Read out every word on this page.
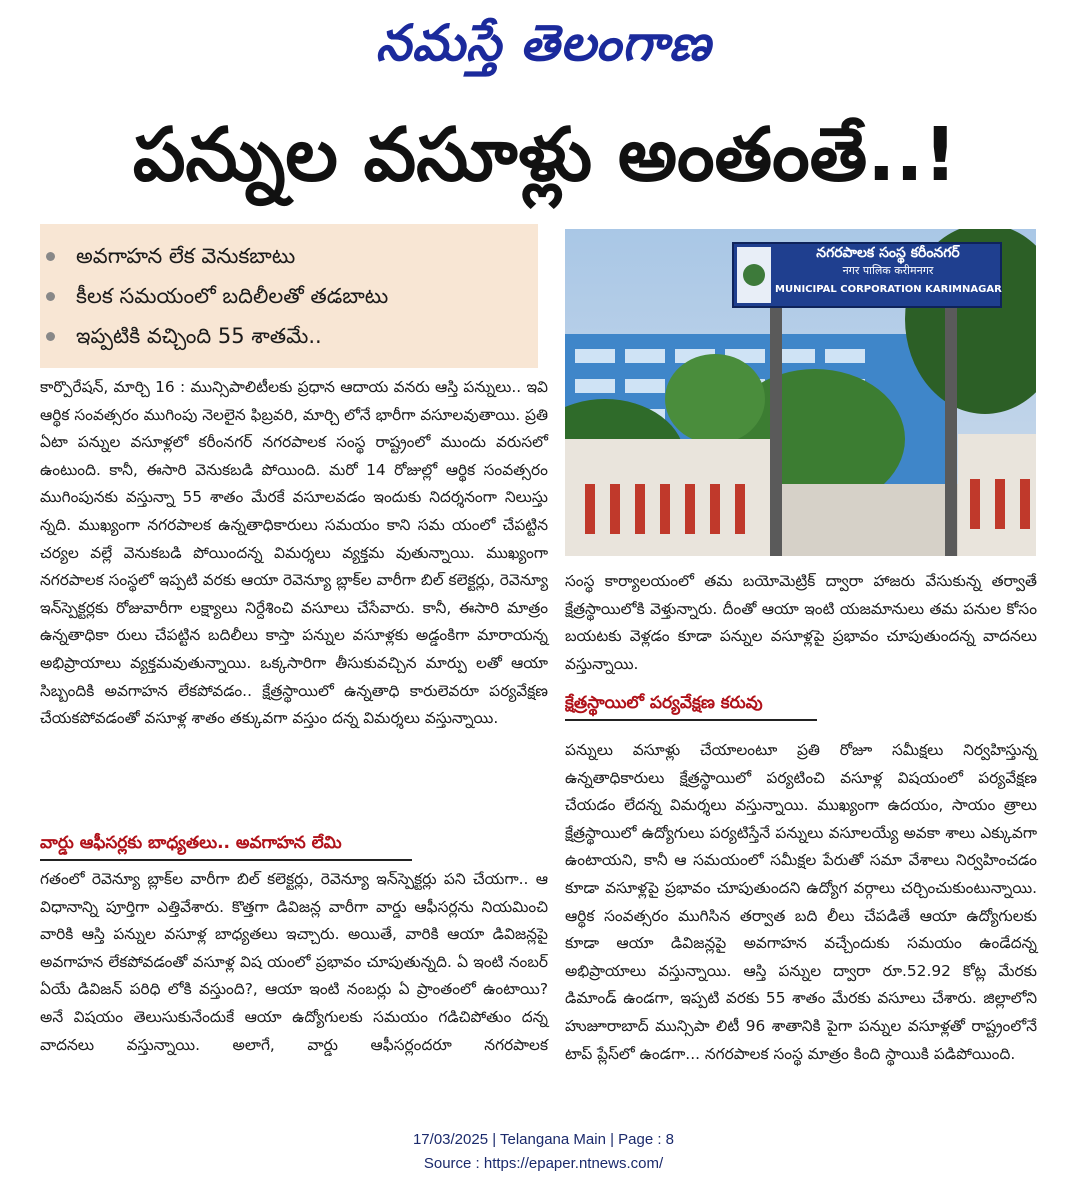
నమస్తే తెలంగాణ
పన్నుల వసూళ్లు అంతంతే..!
అవగాహన లేక వెనుకబాటు
కీలక సమయంలో బదిలీలతో తడబాటు
ఇప్పటికి వచ్చింది 55 శాతమే..
నగరపాలక సంస్థ కరీంనగర్
नगर पालिक करीमनगर
MUNICIPAL CORPORATION KARIMNAGAR

కార్పొరేషన్, మార్చి 16 : మున్సిపాలిటీలకు ప్రధాన ఆదాయ వనరు ఆస్తి పన్నులు.. ఇవి ఆర్థిక సంవత్సరం ముగింపు నెలలైన ఫిబ్రవరి, మార్చి లోనే భారీగా వసూలవుతాయి. ప్రతి ఏటా పన్నుల వసూళ్లలో కరీంనగర్ నగరపాలక సంస్థ రాష్ట్రంలో ముందు వరుసలో ఉంటుంది. కానీ, ఈసారి వెనుకబడి పోయింది. మరో 14 రోజుల్లో ఆర్థిక సంవత్సరం ముగింపునకు వస్తున్నా 55 శాతం మేరకే వసూలవడం ఇందుకు నిదర్శనంగా నిలుస్తు న్నది. ముఖ్యంగా నగరపాలక ఉన్నతాధికారులు సమయం కాని సమ యంలో చేపట్టిన చర్యల వల్లే వెనుకబడి పోయిందన్న విమర్శలు వ్యక్తమ వుతున్నాయి. ముఖ్యంగా నగరపాలక సంస్థలో ఇప్పటి వరకు ఆయా రెవెన్యూ బ్లాక్‌ల వారీగా బిల్ కలెక్టర్లు, రెవెన్యూ ఇన్‌స్పెక్టర్లకు రోజువారీగా లక్ష్యాలు నిర్దేశించి వసూలు చేసేవారు. కానీ, ఈసారి మాత్రం ఉన్నతాధికా రులు చేపట్టిన బదిలీలు కాస్తా పన్నుల వసూళ్లకు అడ్డంకిగా మారాయన్న అభిప్రాయాలు వ్యక్తమవుతున్నాయి. ఒక్కసారిగా తీసుకువచ్చిన మార్పు లతో ఆయా సిబ్బందికి అవగాహన లేకపోవడం.. క్షేత్రస్థాయిలో ఉన్నతాధి కారులెవరూ పర్యవేక్షణ చేయకపోవడంతో వసూళ్ల శాతం తక్కువగా వస్తుం దన్న విమర్శలు వస్తున్నాయి.

వార్డు ఆఫీసర్లకు బాధ్యతలు.. అవగాహన లేమి

గతంలో రెవెన్యూ బ్లాక్‌ల వారీగా బిల్ కలెక్టర్లు, రెవెన్యూ ఇన్‌స్పెక్టర్లు పని చేయగా.. ఆ విధానాన్ని పూర్తిగా ఎత్తివేశారు. కొత్తగా డివిజన్ల వారీగా వార్డు ఆఫీసర్లను నియమించి వారికి ఆస్తి పన్నుల వసూళ్ల బాధ్యతలు ఇచ్చారు. అయితే, వారికి ఆయా డివిజన్లపై అవగాహన లేకపోవడంతో వసూళ్ల విష యంలో ప్రభావం చూపుతున్నది. ఏ ఇంటి నంబర్ ఏయే డివిజన్ పరిధి లోకి వస్తుంది?, ఆయా ఇంటి నంబర్లు ఏ ప్రాంతంలో ఉంటాయి? అనే విషయం తెలుసుకునేందుకే ఆయా ఉద్యోగులకు సమయం గడిచిపోతుం దన్న వాదనలు వస్తున్నాయి. అలాగే, వార్డు ఆఫీసర్లందరూ నగరపాలక

సంస్థ కార్యాలయంలో తమ బయోమెట్రిక్ ద్వారా హాజరు వేసుకున్న తర్వాతే క్షేత్రస్థాయిలోకి వెళ్తున్నారు. దీంతో ఆయా ఇంటి యజమానులు తమ పనుల కోసం బయటకు వెళ్లడం కూడా పన్నుల వసూళ్లపై ప్రభావం చూపుతుందన్న వాదనలు వస్తున్నాయి.

క్షేత్రస్థాయిలో పర్యవేక్షణ కరువు

పన్నులు వసూళ్లు చేయాలంటూ ప్రతి రోజూ సమీక్షలు నిర్వహిస్తున్న ఉన్నతాధికారులు క్షేత్రస్థాయిలో పర్యటించి వసూళ్ల విషయంలో పర్యవేక్షణ చేయడం లేదన్న విమర్శలు వస్తున్నాయి. ముఖ్యంగా ఉదయం, సాయం త్రాలు క్షేత్రస్థాయిలో ఉద్యోగులు పర్యటిస్తేనే పన్నులు వసూలయ్యే అవకా శాలు ఎక్కువగా ఉంటాయని, కానీ ఆ సమయంలో సమీక్షల పేరుతో సమా వేశాలు నిర్వహించడం కూడా వసూళ్లపై ప్రభావం చూపుతుందని ఉద్యోగ వర్గాలు చర్చించుకుంటున్నాయి. ఆర్థిక సంవత్సరం ముగిసిన తర్వాత బది లీలు చేపడితే ఆయా ఉద్యోగులకు కూడా ఆయా డివిజన్లపై అవగాహన వచ్చేందుకు సమయం ఉండేదన్న అభిప్రాయాలు వస్తున్నాయి. ఆస్తి పన్నుల ద్వారా రూ.52.92 కోట్ల మేరకు డిమాండ్ ఉండగా, ఇప్పటి వరకు 55 శాతం మేరకు వసూలు చేశారు. జిల్లాలోని హుజూరాబాద్ మున్సిపా లిటీ 96 శాతానికి పైగా పన్నుల వసూళ్లతో రాష్ట్రంలోనే టాప్ ప్లేస్‌లో ఉండగా... నగరపాలక సంస్థ మాత్రం కింది స్థాయికి పడిపోయింది.

17/03/2025 | Telangana Main | Page : 8
Source : https://epaper.ntnews.com/
